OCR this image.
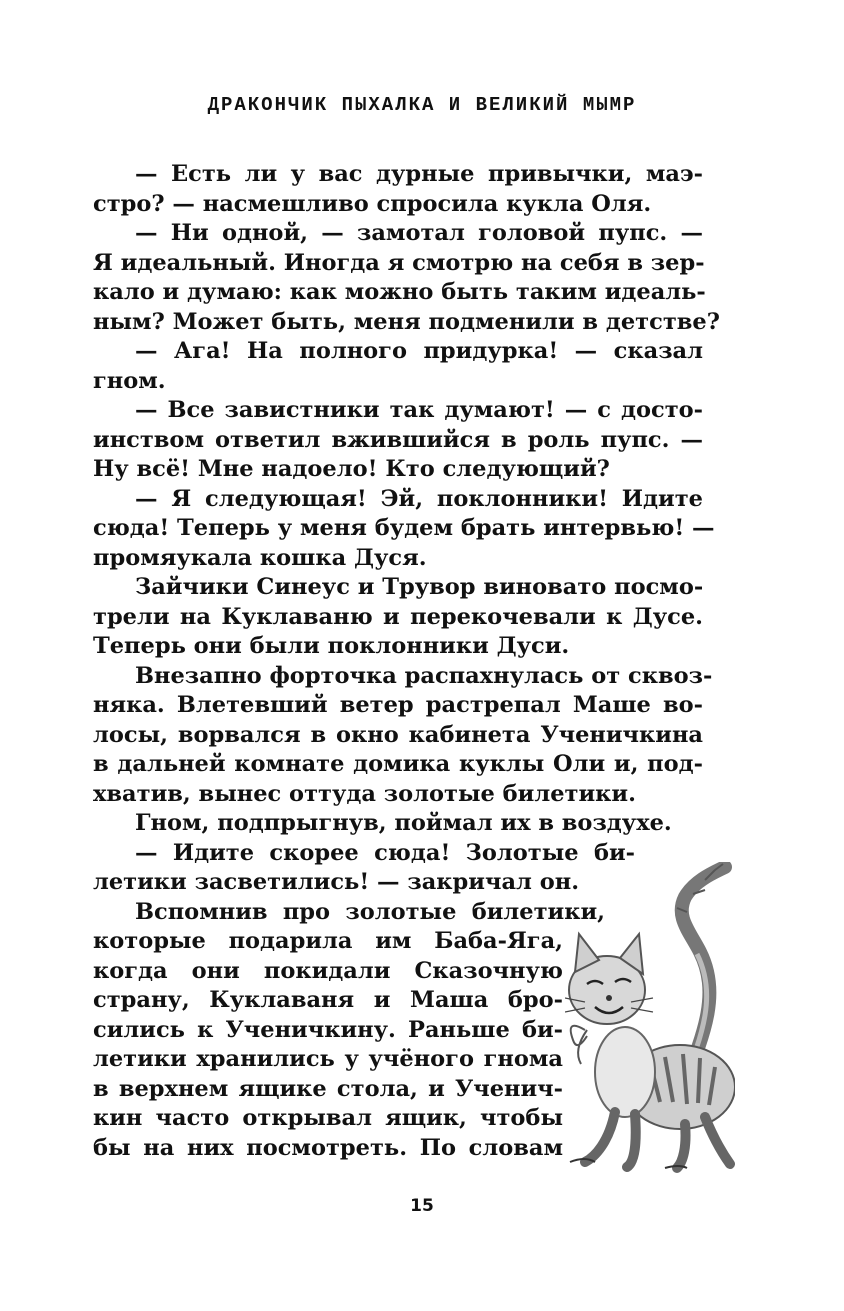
ДРАКОНЧИК ПЫХАЛКА И ВЕЛИКИЙ МЫМР
— Есть ли у вас дурные привычки, маэ-
стро? — насмешливо спросила кукла Оля.
— Ни одной, — замотал головой пупс. —
Я идеальный. Иногда я смотрю на себя в зер-
кало и думаю: как можно быть таким идеаль-
ным? Может быть, меня подменили в детстве?
— Ага! На полного придурка! — сказал
гном.
— Все завистники так думают! — с досто-
инством ответил вжившийся в роль пупс. —
Ну всё! Мне надоело! Кто следующий?
— Я следующая! Эй, поклонники! Идите
сюда! Теперь у меня будем брать интервью! —
промяукала кошка Дуся.
Зайчики Синеус и Трувор виновато посмо-
трели на Куклаваню и перекочевали к Дусе.
Теперь они были поклонники Дуси.
Внезапно форточка распахнулась от сквоз-
няка. Влетевший ветер растрепал Маше во-
лосы, ворвался в окно кабинета Ученичкина
в дальней комнате домика куклы Оли и, под-
хватив, вынес оттуда золотые билетики.
Гном, подпрыгнув, поймал их в воздухе.
— Идите скорее сюда! Золотые би-
летики засветились! — закричал он.
Вспомнив про золотые билетики,
которые подарила им Баба-Яга,
когда они покидали Сказочную
страну, Куклаваня и Маша бро-
сились к Ученичкину. Раньше би-
летики хранились у учёного гнома
в верхнем ящике стола, и Ученич-
кин часто открывал ящик, чтобы
бы на них посмотреть. По словам
15
